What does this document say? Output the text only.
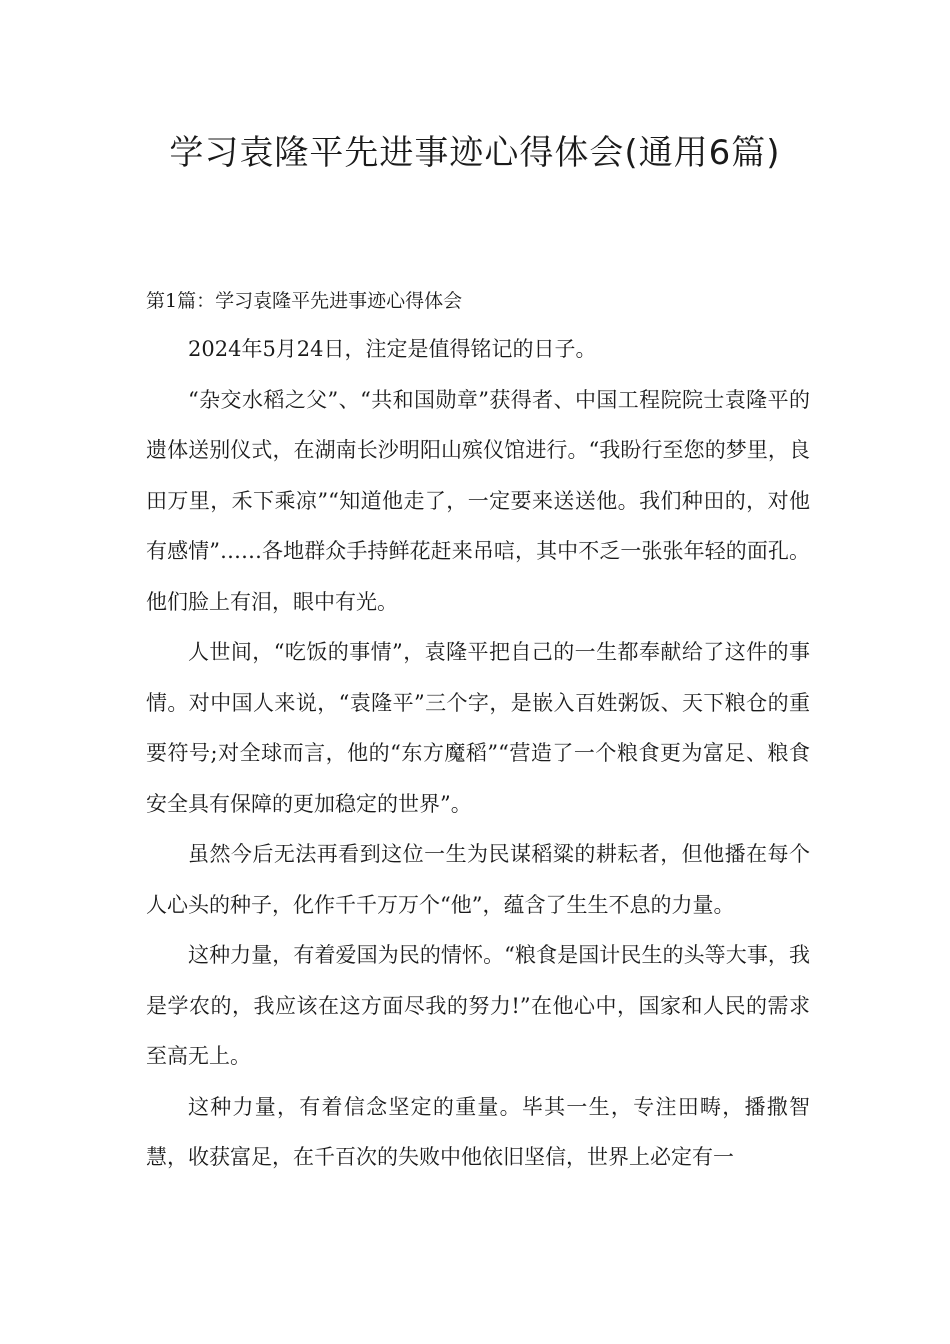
学习袁隆平先进事迹心得体会(通用6篇)

第1篇：学习袁隆平先进事迹心得体会

2024年5月24日，注定是值得铭记的日子。

“杂交水稻之父”、“共和国勋章”获得者、中国工程院院士袁隆平的遗体送别仪式，在湖南长沙明阳山殡仪馆进行。“我盼行至您的梦里，良田万里，禾下乘凉”“知道他走了，一定要来送送他。我们种田的，对他有感情”……各地群众手持鲜花赶来吊唁，其中不乏一张张年轻的面孔。他们脸上有泪，眼中有光。

人世间，“吃饭的事情”，袁隆平把自己的一生都奉献给了这件的事情。对中国人来说，“袁隆平”三个字，是嵌入百姓粥饭、天下粮仓的重要符号;对全球而言，他的“东方魔稻”“营造了一个粮食更为富足、粮食安全具有保障的更加稳定的世界”。

虽然今后无法再看到这位一生为民谋稻粱的耕耘者，但他播在每个人心头的种子，化作千千万万个“他”，蕴含了生生不息的力量。

这种力量，有着爱国为民的情怀。“粮食是国计民生的头等大事，我是学农的，我应该在这方面尽我的努力!”在他心中，国家和人民的需求至高无上。

这种力量，有着信念坚定的重量。毕其一生，专注田畴，播撒智慧，收获富足，在千百次的失败中他依旧坚信，世界上必定有一
